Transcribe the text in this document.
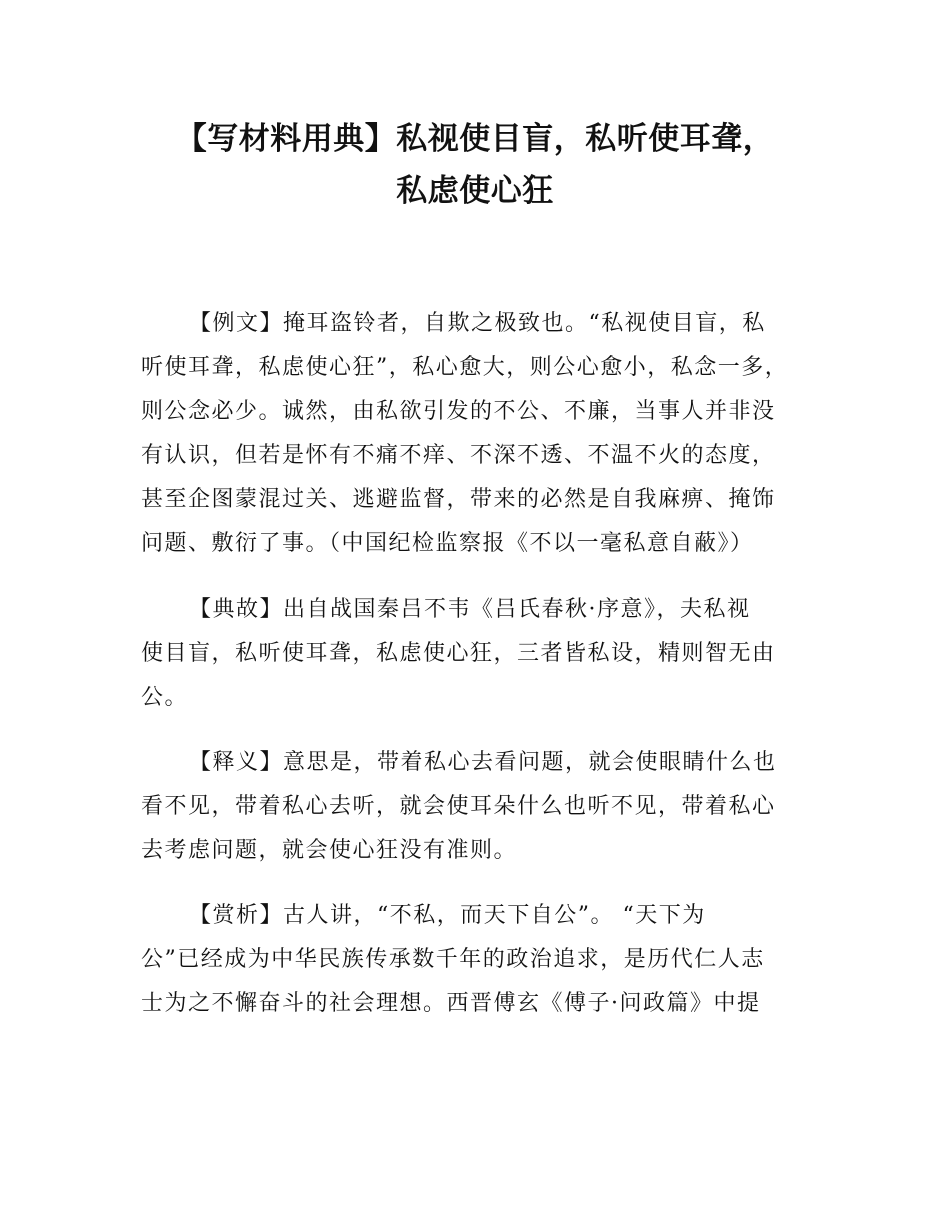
【写材料用典】私视使目盲，私听使耳聋，
私虑使心狂
【例文】掩耳盗铃者，自欺之极致也。“私视使目盲，私
听使耳聋，私虑使心狂”，私心愈大，则公心愈小，私念一多，
则公念必少。诚然，由私欲引发的不公、不廉，当事人并非没
有认识，但若是怀有不痛不痒、不深不透、不温不火的态度，
甚至企图蒙混过关、逃避监督，带来的必然是自我麻痹、掩饰
问题、敷衍了事。（中国纪检监察报《不以一毫私意自蔽》）
【典故】出自战国秦吕不韦《吕氏春秋·序意》，夫私视
使目盲，私听使耳聋，私虑使心狂，三者皆私设，精则智无由
公。
【释义】意思是，带着私心去看问题，就会使眼睛什么也
看不见，带着私心去听，就会使耳朵什么也听不见，带着私心
去考虑问题，就会使心狂没有准则。
【赏析】古人讲，“不私，而天下自公”。 “天下为
公”已经成为中华民族传承数千年的政治追求，是历代仁人志
士为之不懈奋斗的社会理想。西晋傅玄《傅子·问政篇》中提
